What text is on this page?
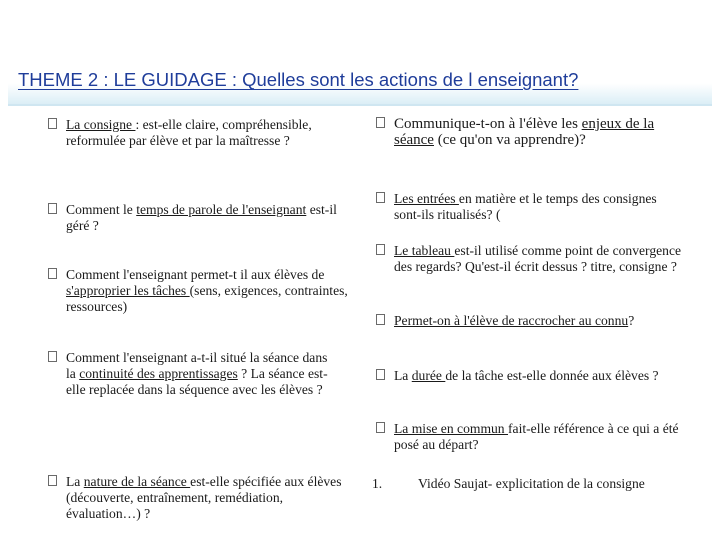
THEME 2 : LE GUIDAGE : Quelles sont les actions de l enseignant?
La consigne : est-elle claire, compréhensible, reformulée par élève et par la maîtresse ?
Comment le temps de parole de l'enseignant est-il géré ?
Comment l'enseignant permet-t il aux élèves de s'approprier les tâches (sens, exigences, contraintes, ressources)
Comment l'enseignant a-t-il situé la séance dans la continuité des apprentissages ? La séance est-elle replacée dans la séquence avec les élèves ?
La nature de la séance est-elle spécifiée aux élèves (découverte, entraînement, remédiation, évaluation…) ?
Communique-t-on à l'élève les enjeux de la séance (ce qu'on va apprendre)?
Les entrées en matière et le temps des consignes sont-ils ritualisés? (
Le tableau est-il utilisé comme point de convergence des regards? Qu'est-il écrit dessus ? titre, consigne ?
Permet-on à l'élève de raccrocher au connu?
La durée de la tâche est-elle donnée aux élèves ?
La mise en commun fait-elle référence à ce qui a été posé au départ?
1.	Vidéo Saujat- explicitation de la consigne
